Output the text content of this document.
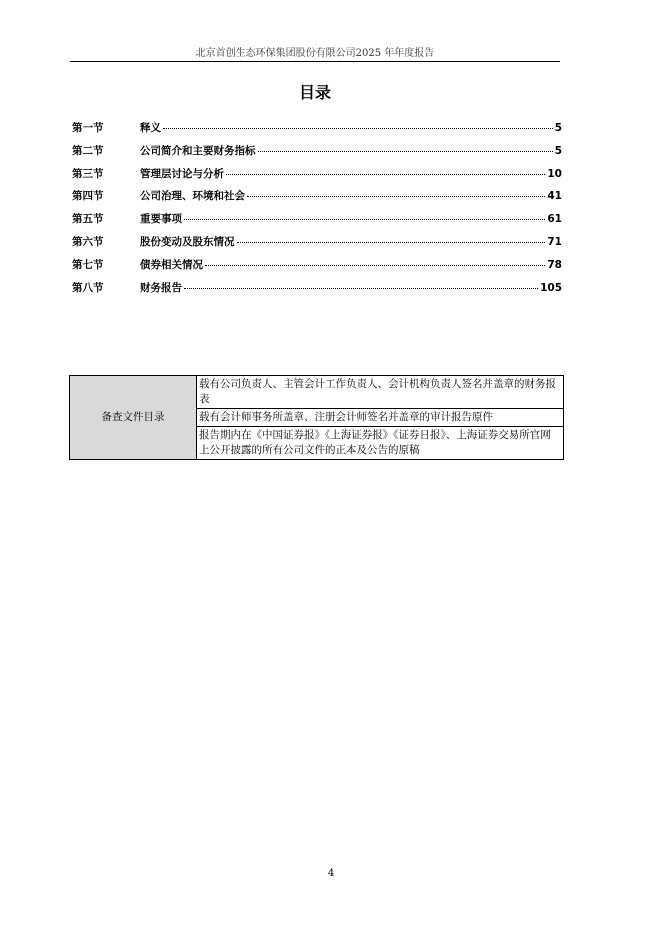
北京首创生态环保集团股份有限公司2025 年年度报告
目录
第一节	释义	5
第二节	公司简介和主要财务指标	5
第三节	管理层讨论与分析	10
第四节	公司治理、环境和社会	41
第五节	重要事项	61
第六节	股份变动及股东情况	71
第七节	债券相关情况	78
第八节	财务报告	105
备查文件目录	载有公司负责人、主管会计工作负责人、会计机构负责人签名并盖章的财务报表
载有会计师事务所盖章、注册会计师签名并盖章的审计报告原件
报告期内在《中国证券报》《上海证券报》《证券日报》、上海证券交易所官网上公开披露的所有公司文件的正本及公告的原稿
4
